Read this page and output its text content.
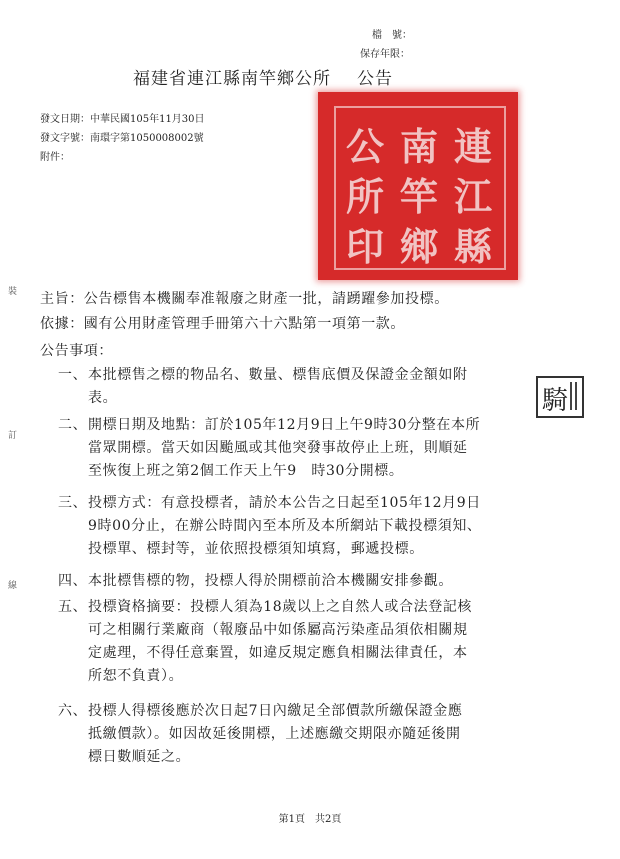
檔　號：
保存年限：
福建省連江縣南竿鄉公所 公告
發文日期：中華民國105年11月30日
發文字號：南環字第1050008002號
附件：	連
江
縣
南
竿
鄉
公
所
印
騎
裝
訂
線
主旨：公告標售本機關奉准報廢之財產一批，請踴躍參加投標。
依據：國有公用財產管理手冊第六十六點第一項第一款。
公告事項：
一、 本批標售之標的物品名、數量、標售底價及保證金金額如附
表。
二、 開標日期及地點：訂於105年12月9日上午9時30分整在本所
當眾開標。當天如因颱風或其他突發事故停止上班，則順延
至恢復上班之第2個工作天上午9　時30分開標。
三、 投標方式：有意投標者，請於本公告之日起至105年12月9日
9時00分止，在辦公時間內至本所及本所網站下載投標須知、
投標單、標封等，並依照投標須知填寫，郵遞投標。
四、 本批標售標的物，投標人得於開標前洽本機關安排參觀。
五、 投標資格摘要：投標人須為18歲以上之自然人或合法登記核
可之相關行業廠商（報廢品中如係屬高污染產品須依相關規
定處理，不得任意棄置，如違反規定應負相關法律責任，本
所恕不負責）。
六、 投標人得標後應於次日起7日內繳足全部價款所繳保證金應
抵繳價款）。如因故延後開標，上述應繳交期限亦隨延後開
標日數順延之。
第1頁　共2頁
